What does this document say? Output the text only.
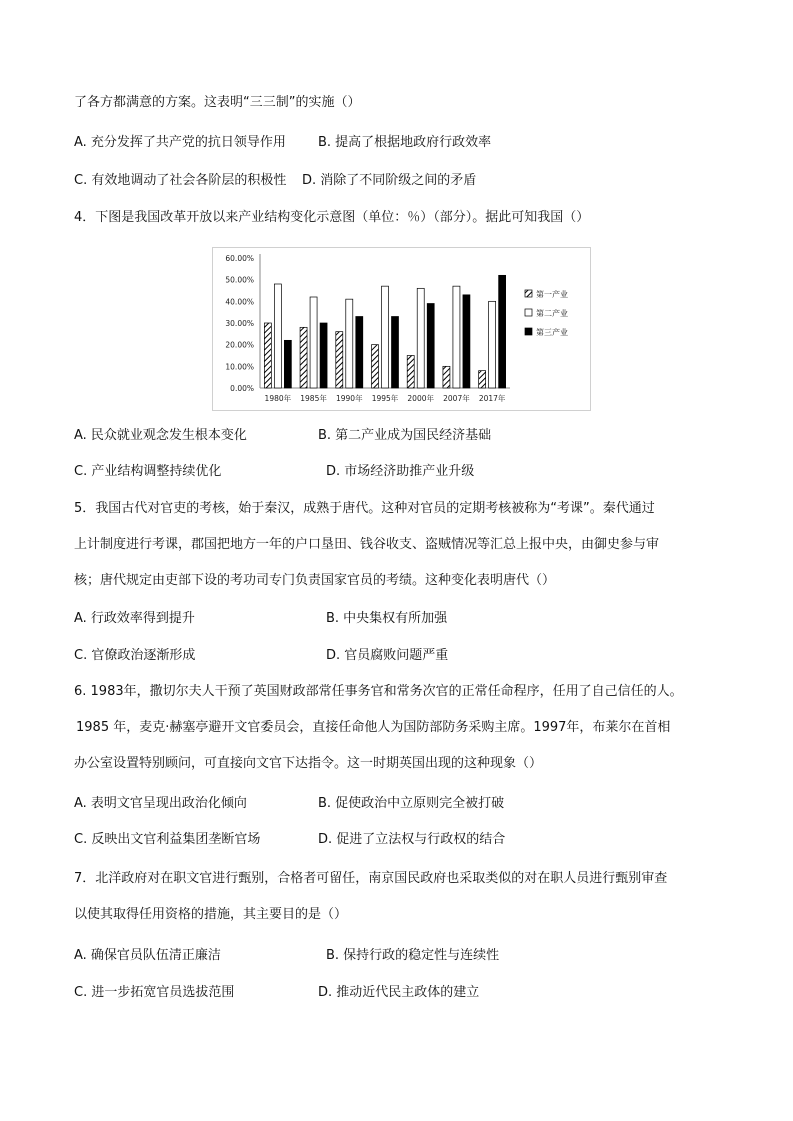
了各方都满意的方案。这表明“三三制”的实施（）
A. 充分发挥了共产党的抗日领导作用 B. 提高了根据地政府行政效率
C. 有效地调动了社会各阶层的积极性 D. 消除了不同阶级之间的矛盾
4．下图是我国改革开放以来产业结构变化示意图（单位：％）（部分）。据此可知我国（）
0.00%
10.00%
20.00%
30.00%
40.00%
50.00%
60.00%
1980年 1985年 1990年 1995年 2000年 2007年 2017年
第一产业
第二产业
第三产业
A. 民众就业观念发生根本变化	B. 第二产业成为国民经济基础
C. 产业结构调整持续优化	D. 市场经济助推产业升级
5．我国古代对官吏的考核，始于秦汉，成熟于唐代。这种对官员的定期考核被称为“考课”。秦代通过
上计制度进行考课，郡国把地方一年的户口垦田、钱谷收支、盗贼情况等汇总上报中央，由御史参与审
核；唐代规定由吏部下设的考功司专门负责国家官员的考绩。这种变化表明唐代（）
A. 行政效率得到提升	B. 中央集权有所加强
C. 官僚政治逐渐形成	D. 官员腐败问题严重
6. 1983年，撒切尔夫人干预了英国财政部常任事务官和常务次官的正常任命程序，任用了自己信任的人。
1985 年，麦克·赫塞亭避开文官委员会，直接任命他人为国防部防务采购主席。1997年，布莱尔在首相
办公室设置特别顾问，可直接向文官下达指令。这一时期英国出现的这种现象（）
A. 表明文官呈现出政治化倾向	B. 促使政治中立原则完全被打破
C. 反映出文官利益集团垄断官场	D. 促进了立法权与行政权的结合
7．北洋政府对在职文官进行甄别，合格者可留任，南京国民政府也采取类似的对在职人员进行甄别审查
以使其取得任用资格的措施，其主要目的是（）
A. 确保官员队伍清正廉洁	B. 保持行政的稳定性与连续性
C. 进一步拓宽官员选拔范围	D. 推动近代民主政体的建立
